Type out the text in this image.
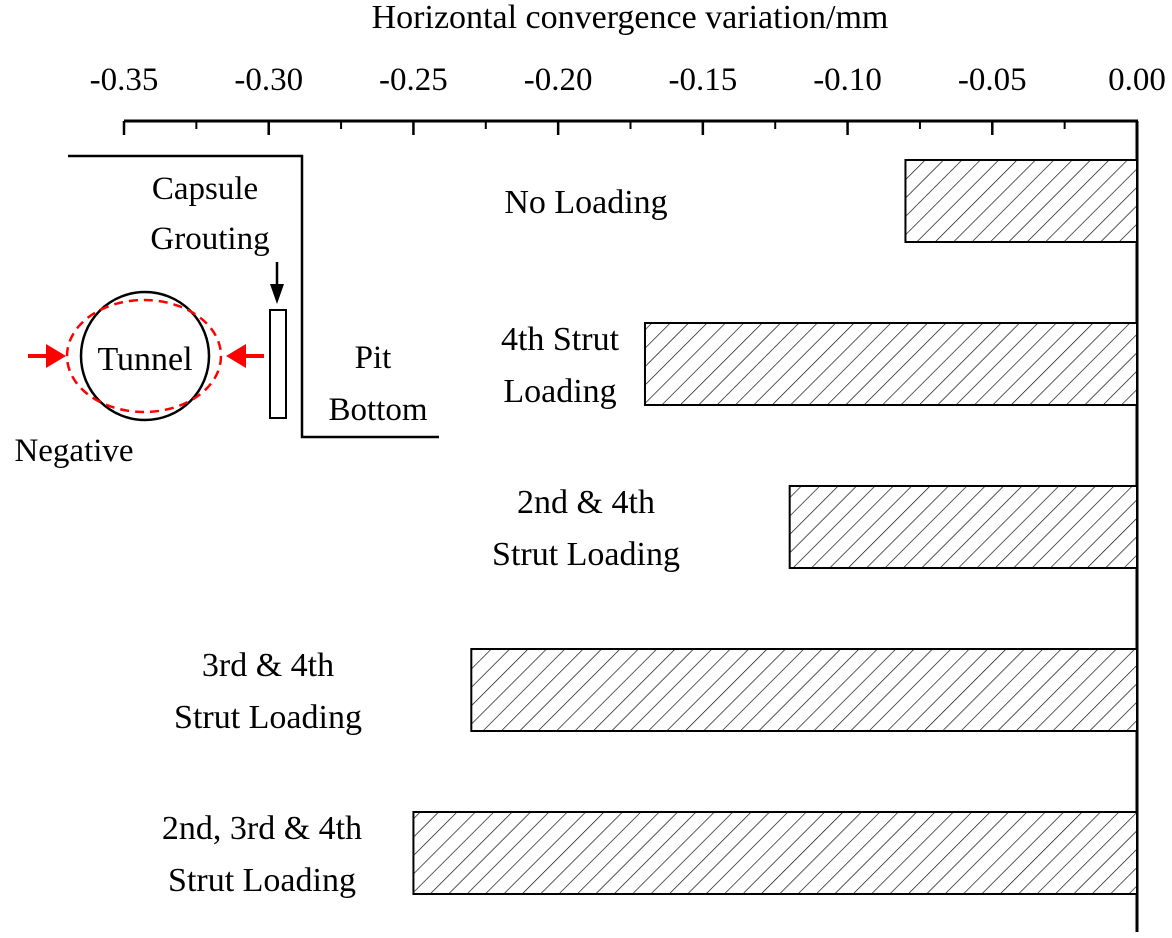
Horizontal convergence variation/mm
-0.35 -0.30 -0.25 -0.20 -0.15 -0.10 -0.05 0.00
No Loading
4th Strut
Loading
2nd & 4th
Strut Loading
3rd & 4th
Strut Loading
2nd, 3rd & 4th
Strut Loading
Capsule
Grouting
Tunnel	Pit
Bottom
Negative
